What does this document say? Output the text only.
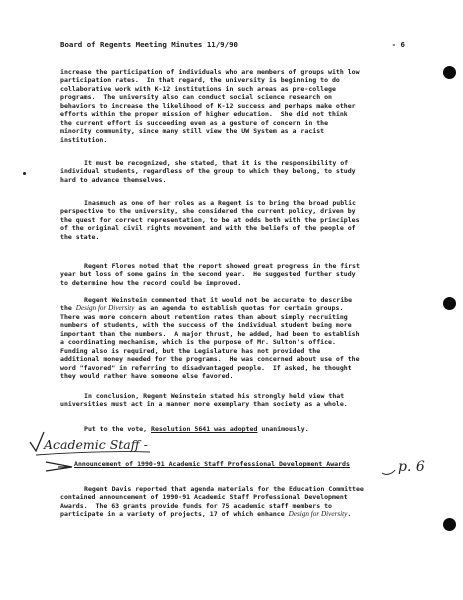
Board of Regents Meeting Minutes 11/9/90	- 6
increase the participation of individuals who are members of groups with low
participation rates.  In that regard, the university is beginning to do
collaborative work with K-12 institutions in such areas as pre-college
programs.  The university also can conduct social science research on
behaviors to increase the likelihood of K-12 success and perhaps make other
efforts within the proper mission of higher education.  She did not think
the current effort is succeeding even as a gesture of concern in the
minority community, since many still view the UW System as a racist
institution.
It must be recognized, she stated, that it is the responsibility of
individual students, regardless of the group to which they belong, to study
hard to advance themselves.
Inasmuch as one of her roles as a Regent is to bring the broad public
perspective to the university, she considered the current policy, driven by
the quest for correct representation, to be at odds both with the principles
of the original civil rights movement and with the beliefs of the people of
the state.
Regent Flores noted that the report showed great progress in the first
year but loss of some gains in the second year.  He suggested further study
to determine how the record could be improved.
Regent Weinstein commented that it would not be accurate to describe
the Design for Diversity as an agenda to establish quotas for certain groups.
There was more concern about retention rates than about simply recruiting
numbers of students, with the success of the individual student being more
important than the numbers.  A major thrust, he added, had been to establish
a coordinating mechanism, which is the purpose of Mr. Sulton's office.
Funding also is required, but the Legislature has not provided the
additional money needed for the programs.  He was concerned about use of the
word "favored" in referring to disadvantaged people.  If asked, he thought
they would rather have someone else favored.
In conclusion, Regent Weinstein stated his strongly held view that
universities must act in a manner more exemplary than society as a whole.
Put to the vote, Resolution 5641 was adopted unanimously.
Academic Staff -
p. 6
Announcement of 1990-91 Academic Staff Professional Development Awards
Regent Davis reported that agenda materials for the Education Committee
contained announcement of 1990-91 Academic Staff Professional Development
Awards.  The 63 grants provide funds for 75 academic staff members to
participate in a variety of projects, 17 of which enhance Design for Diversity.
